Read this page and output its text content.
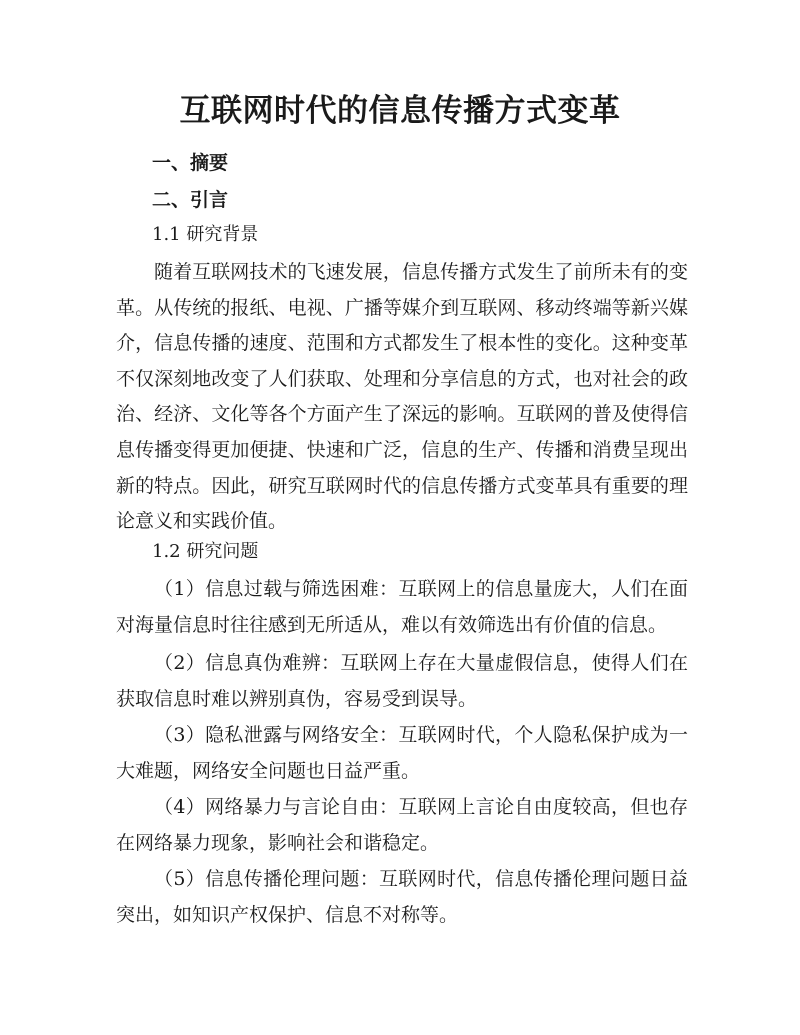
互联网时代的信息传播方式变革
一、摘要
二、引言
1.1 研究背景

随着互联网技术的飞速发展，信息传播方式发生了前所未有的变革。从传统的报纸、电视、广播等媒介到互联网、移动终端等新兴媒介，信息传播的速度、范围和方式都发生了根本性的变化。这种变革不仅深刻地改变了人们获取、处理和分享信息的方式，也对社会的政治、经济、文化等各个方面产生了深远的影响。互联网的普及使得信息传播变得更加便捷、快速和广泛，信息的生产、传播和消费呈现出新的特点。因此，研究互联网时代的信息传播方式变革具有重要的理论意义和实践价值。

1.2 研究问题

（1）信息过载与筛选困难：互联网上的信息量庞大，人们在面对海量信息时往往感到无所适从，难以有效筛选出有价值的信息。

（2）信息真伪难辨：互联网上存在大量虚假信息，使得人们在获取信息时难以辨别真伪，容易受到误导。

（3）隐私泄露与网络安全：互联网时代，个人隐私保护成为一大难题，网络安全问题也日益严重。

（4）网络暴力与言论自由：互联网上言论自由度较高，但也存在网络暴力现象，影响社会和谐稳定。

（5）信息传播伦理问题：互联网时代，信息传播伦理问题日益突出，如知识产权保护、信息不对称等。
